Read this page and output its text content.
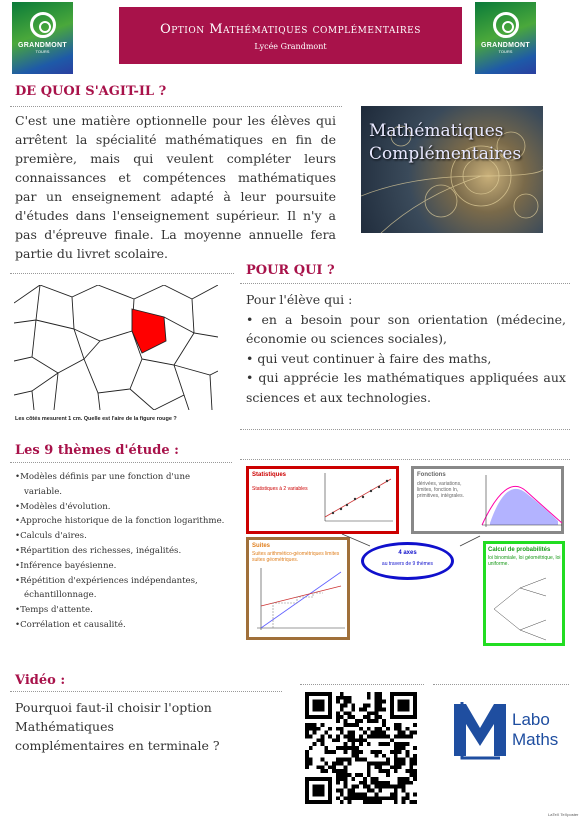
GRANDMONT
TOURS
Option Mathématiques complémentaires
Lycée Grandmont	GRANDMONT
TOURS
DE QUOI S'AGIT-IL ?
C'est une matière optionnelle pour les élèves qui arrêtent la spécialité mathématiques en fin de première, mais qui veulent compléter leurs connaissances et compétences mathématiques par un enseignement adapté à leur poursuite d'études dans l'enseignement supérieur. Il n'y a pas d'épreuve finale. La moyenne annuelle fera partie du livret scolaire.
Mathématiques
Complémentaires
POUR QUI ?
Les côtés mesurent 1 cm. Quelle est l'aire de la figure rouge ?
Pour l'élève qui :
• en a besoin pour son orientation (médecine, économie ou sciences sociales),
• qui veut continuer à faire des maths,
• qui apprécie les mathématiques appliquées aux sciences et aux technologies.
Les 9 thèmes d'étude :
•Modèles définis par une fonction d'une variable.
•Modèles d'évolution.
•Approche historique de la fonction logarithme.
•Calculs d'aires.
•Répartition des richesses, inégalités.
•Inférence bayésienne.
•Répétition d'expériences indépendantes, échantillonnage.
•Temps d'attente.
•Corrélation et causalité.
Statistiques
Statistiques à 2 variables
Fonctions
dérivées, variations, limites, fonction ln, primitives, intégrales.
Suites
Suites arithmético-géométriques limites suites géométriques.
Calcul de probabilités
loi binomiale, loi géométrique, loi uniforme.
4 axes
au travers de 9 thèmes
Vidéo :
Pourquoi faut-il choisir l'option Mathématiques complémentaires en terminale ?
Labo
Maths
LaTeX TeXposter
